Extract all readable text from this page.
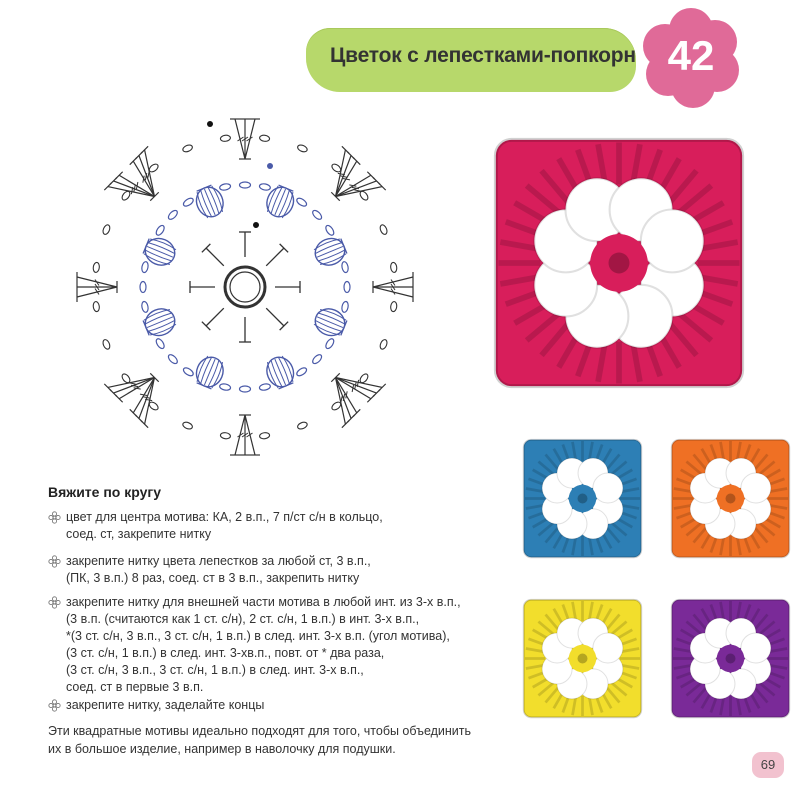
Цветок с лепестками-попкорн 42
Вяжите по кругу
цвет для центра мотива: КА, 2 в.п., 7 п/ст с/н в кольцо,
соед. ст, закрепите нитку
закрепите нитку цвета лепестков за любой ст, 3 в.п.,
(ПК, 3 в.п.) 8 раз, соед. ст в 3 в.п., закрепить нитку
закрепите нитку для внешней части мотива в любой инт. из 3-х в.п.,
(3 в.п. (считаются как 1 ст. с/н), 2 ст. с/н, 1 в.п.) в инт. 3-х в.п.,
*(3 ст. с/н, 3 в.п., 3 ст. с/н, 1 в.п.) в след. инт. 3-х в.п. (угол мотива),
(3 ст. с/н, 1 в.п.) в след. инт. 3-хв.п., повт. от * два раза,
(3 ст. с/н, 3 в.п., 3 ст. с/н, 1 в.п.) в след. инт. 3-х в.п.,
соед. ст в первые 3 в.п.
закрепите нитку, заделайте концы
Эти квадратные мотивы идеально подходят для того, чтобы объединить
их в большое изделие, например в наволочку для подушки.
69
